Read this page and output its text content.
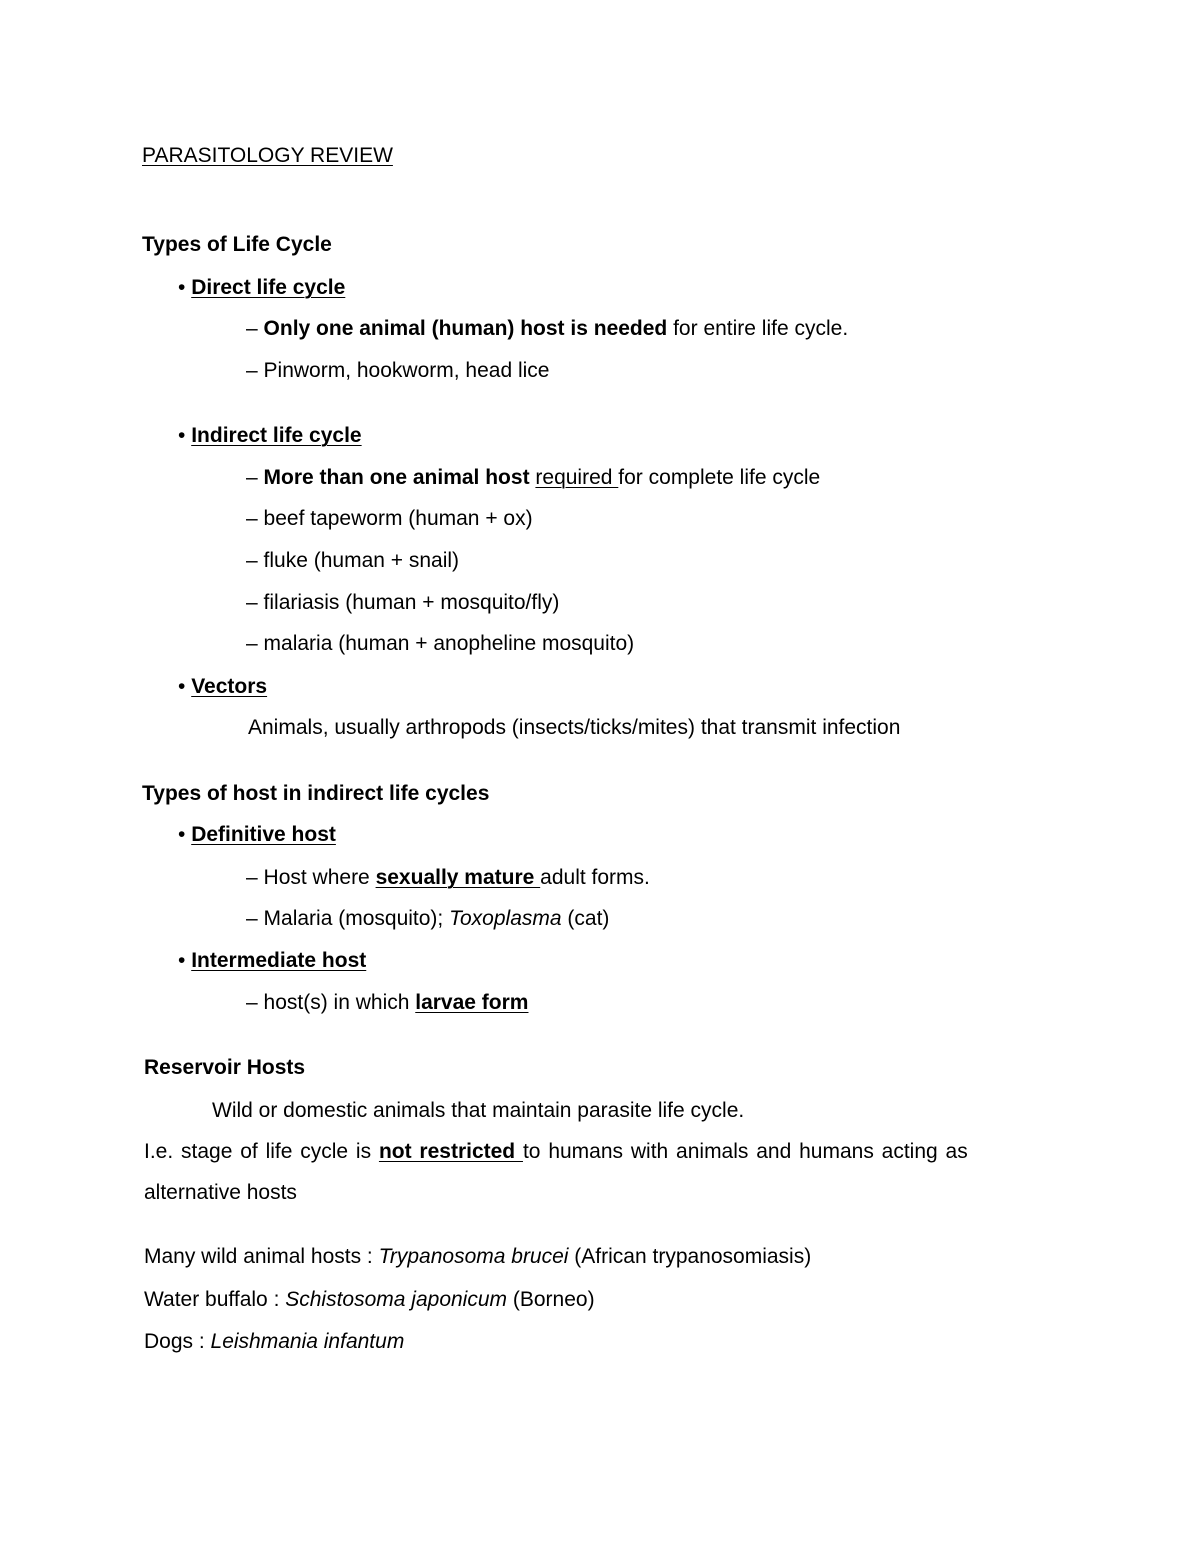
PARASITOLOGY REVIEW
Types of Life Cycle
• Direct life cycle
– Only one animal (human) host is needed for entire life cycle.
– Pinworm, hookworm, head lice
• Indirect life cycle
– More than one animal host required for complete life cycle
– beef tapeworm (human + ox)
– fluke (human + snail)
– filariasis (human + mosquito/fly)
– malaria (human + anopheline mosquito)
• Vectors
Animals, usually arthropods (insects/ticks/mites) that transmit infection
Types of host in indirect life cycles
• Definitive host
– Host where sexually mature adult forms.
– Malaria (mosquito); Toxoplasma (cat)
• Intermediate host
– host(s) in which larvae form
Reservoir Hosts
Wild or domestic animals that maintain parasite life cycle.
I.e. stage of life cycle is not restricted to humans with animals and humans acting as
alternative hosts
Many wild animal hosts : Trypanosoma brucei (African trypanosomiasis)
Water buffalo : Schistosoma japonicum (Borneo)
Dogs : Leishmania infantum
